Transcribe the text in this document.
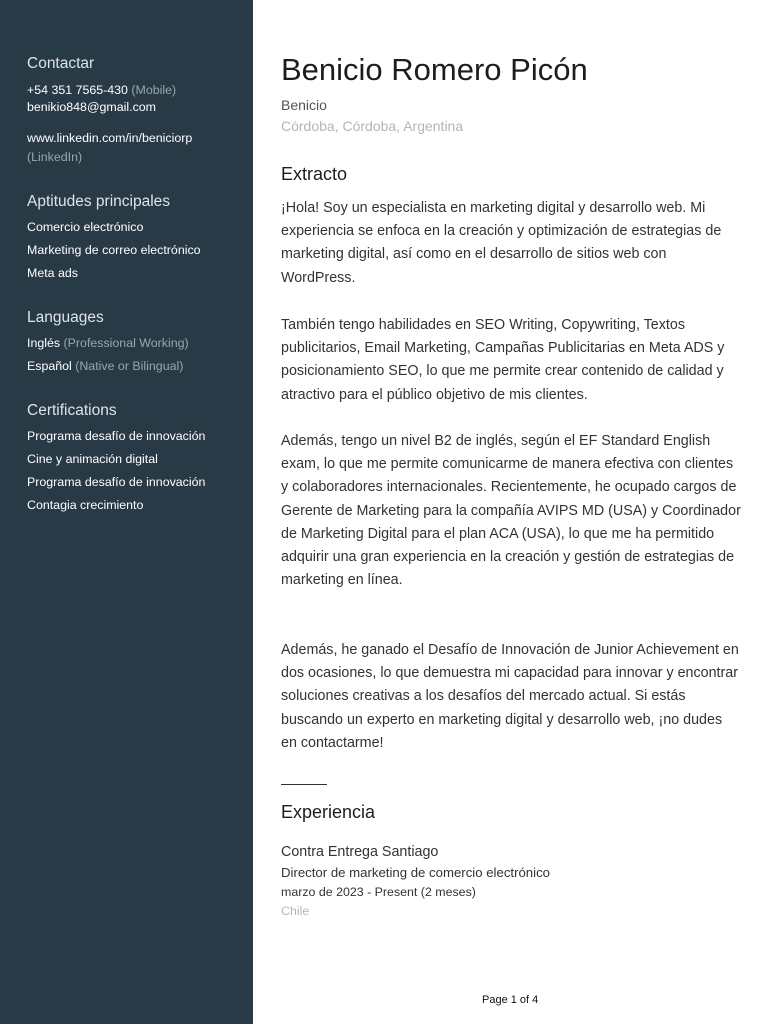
Contactar
+54 351 7565-430 (Mobile)
benikio848@gmail.com
www.linkedin.com/in/beniciorp
(LinkedIn)
Aptitudes principales
Comercio electrónico
Marketing de correo electrónico
Meta ads
Languages
Inglés (Professional Working)
Español (Native or Bilingual)
Certifications
Programa desafío de innovación
Cine y animación digital
Programa desafío de innovación
Contagia crecimiento
Benicio Romero Picón
Benicio
Córdoba, Córdoba, Argentina
Extracto

¡Hola! Soy un especialista en marketing digital y desarrollo web. Mi experiencia se enfoca en la creación y optimización de estrategias de marketing digital, así como en el desarrollo de sitios web con WordPress.

También tengo habilidades en SEO Writing, Copywriting, Textos publicitarios, Email Marketing, Campañas Publicitarias en Meta ADS y posicionamiento SEO, lo que me permite crear contenido de calidad y atractivo para el público objetivo de mis clientes.

Además, tengo un nivel B2 de inglés, según el EF Standard English exam, lo que me permite comunicarme de manera efectiva con clientes y colaboradores internacionales. Recientemente, he ocupado cargos de Gerente de Marketing para la compañía AVIPS MD (USA) y Coordinador de Marketing Digital para el plan ACA (USA), lo que me ha permitido adquirir una gran experiencia en la creación y gestión de estrategias de marketing en línea.

Además, he ganado el Desafío de Innovación de Junior Achievement en dos ocasiones, lo que demuestra mi capacidad para innovar y encontrar soluciones creativas a los desafíos del mercado actual. Si estás buscando un experto en marketing digital y desarrollo web, ¡no dudes en contactarme!

Experiencia
Contra Entrega Santiago
Director de marketing de comercio electrónico
marzo de 2023 - Present (2 meses)
Chile
Page 1 of 4
